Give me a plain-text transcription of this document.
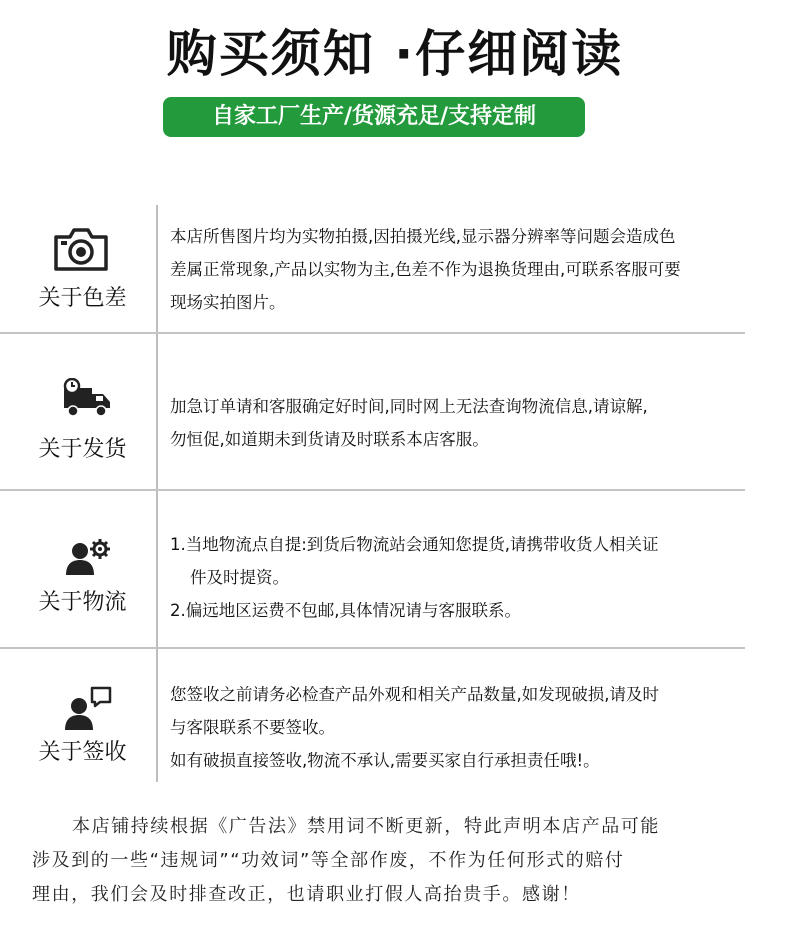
购买须知 ·仔细阅读
自家工厂生产/货源充足/支持定制
关于色差

本店所售图片均为实物拍摄,因拍摄光线,显示器分辨率等问题会造成色

差属正常现象,产品以实物为主,色差不作为退换货理由,可联系客服可要

现场实拍图片。

关于发货

加急订单请和客服确定好时间,同时网上无法查询物流信息,请谅解,

勿恒促,如道期未到货请及时联系本店客服。

关于物流

1.当地物流点自提:到货后物流站会通知您提货,请携带收货人相关证

件及时提资。

2.偏远地区运费不包邮,具体情况请与客服联系。

关于签收

您签收之前请务必检查产品外观和相关产品数量,如发现破损,请及时

与客限联系不要签收。

如有破损直接签收,物流不承认,需要买家自行承担责任哦!。

本店铺持续根据《广告法》禁用词不断更新，特此声明本店产品可能

涉及到的一些“违规词”“功效词”等全部作废，不作为任何形式的赔付

理由，我们会及时排查改正，也请职业打假人高抬贵手。感谢！
